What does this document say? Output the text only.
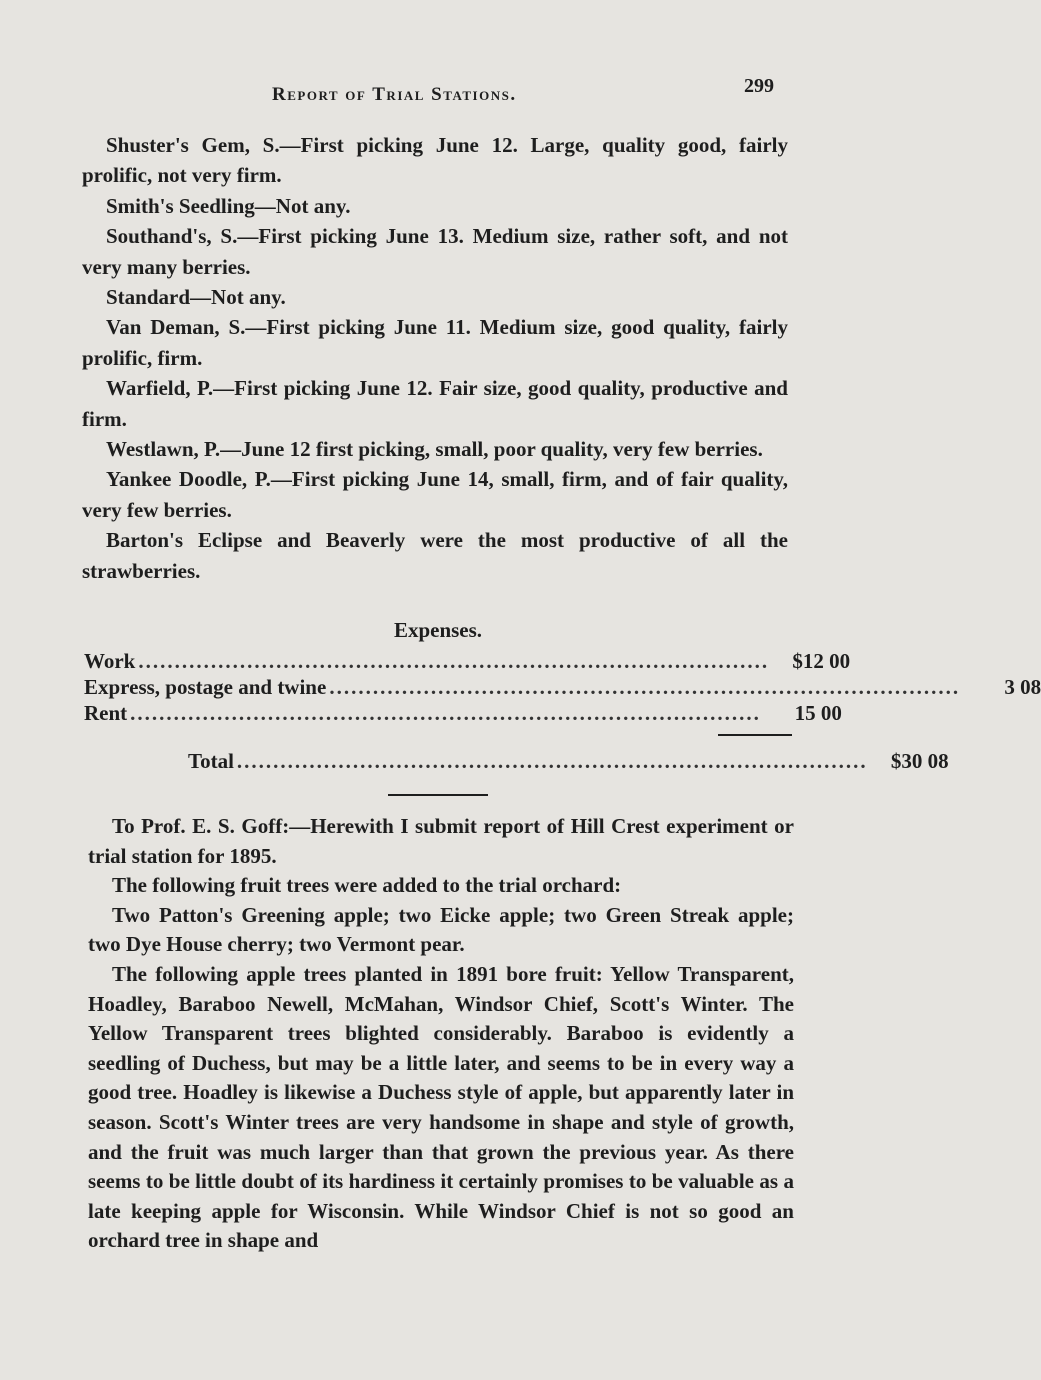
Report of Trial Stations.	299

Shuster's Gem, S.—First picking June 12. Large, quality good, fairly prolific, not very firm.

Smith's Seedling—Not any.

Southand's, S.—First picking June 13. Medium size, rather soft, and not very many berries.

Standard—Not any.

Van Deman, S.—First picking June 11. Medium size, good quality, fairly prolific, firm.

Warfield, P.—First picking June 12. Fair size, good quality, productive and firm.

Westlawn, P.—June 12 first picking, small, poor quality, very few berries.

Yankee Doodle, P.—First picking June 14, small, firm, and of fair quality, very few berries.

Barton's Eclipse and Beaverly were the most productive of all the strawberries.

Expenses.

Work .......................................................................................	$12 00
Express, postage and twine .......................................................................................	3 08
Rent .......................................................................................	15 00
Total .......................................................................................	$30 08

To Prof. E. S. Goff:—Herewith I submit report of Hill Crest experiment or trial station for 1895.

The following fruit trees were added to the trial orchard:

Two Patton's Greening apple; two Eicke apple; two Green Streak apple; two Dye House cherry; two Vermont pear.

The following apple trees planted in 1891 bore fruit: Yellow Transparent, Hoadley, Baraboo Newell, McMahan, Windsor Chief, Scott's Winter. The Yellow Transparent trees blighted considerably. Baraboo is evidently a seedling of Duchess, but may be a little later, and seems to be in every way a good tree. Hoadley is likewise a Duchess style of apple, but apparently later in season. Scott's Winter trees are very handsome in shape and style of growth, and the fruit was much larger than that grown the previous year. As there seems to be little doubt of its hardiness it certainly promises to be valuable as a late keeping apple for Wisconsin. While Windsor Chief is not so good an orchard tree in shape and
